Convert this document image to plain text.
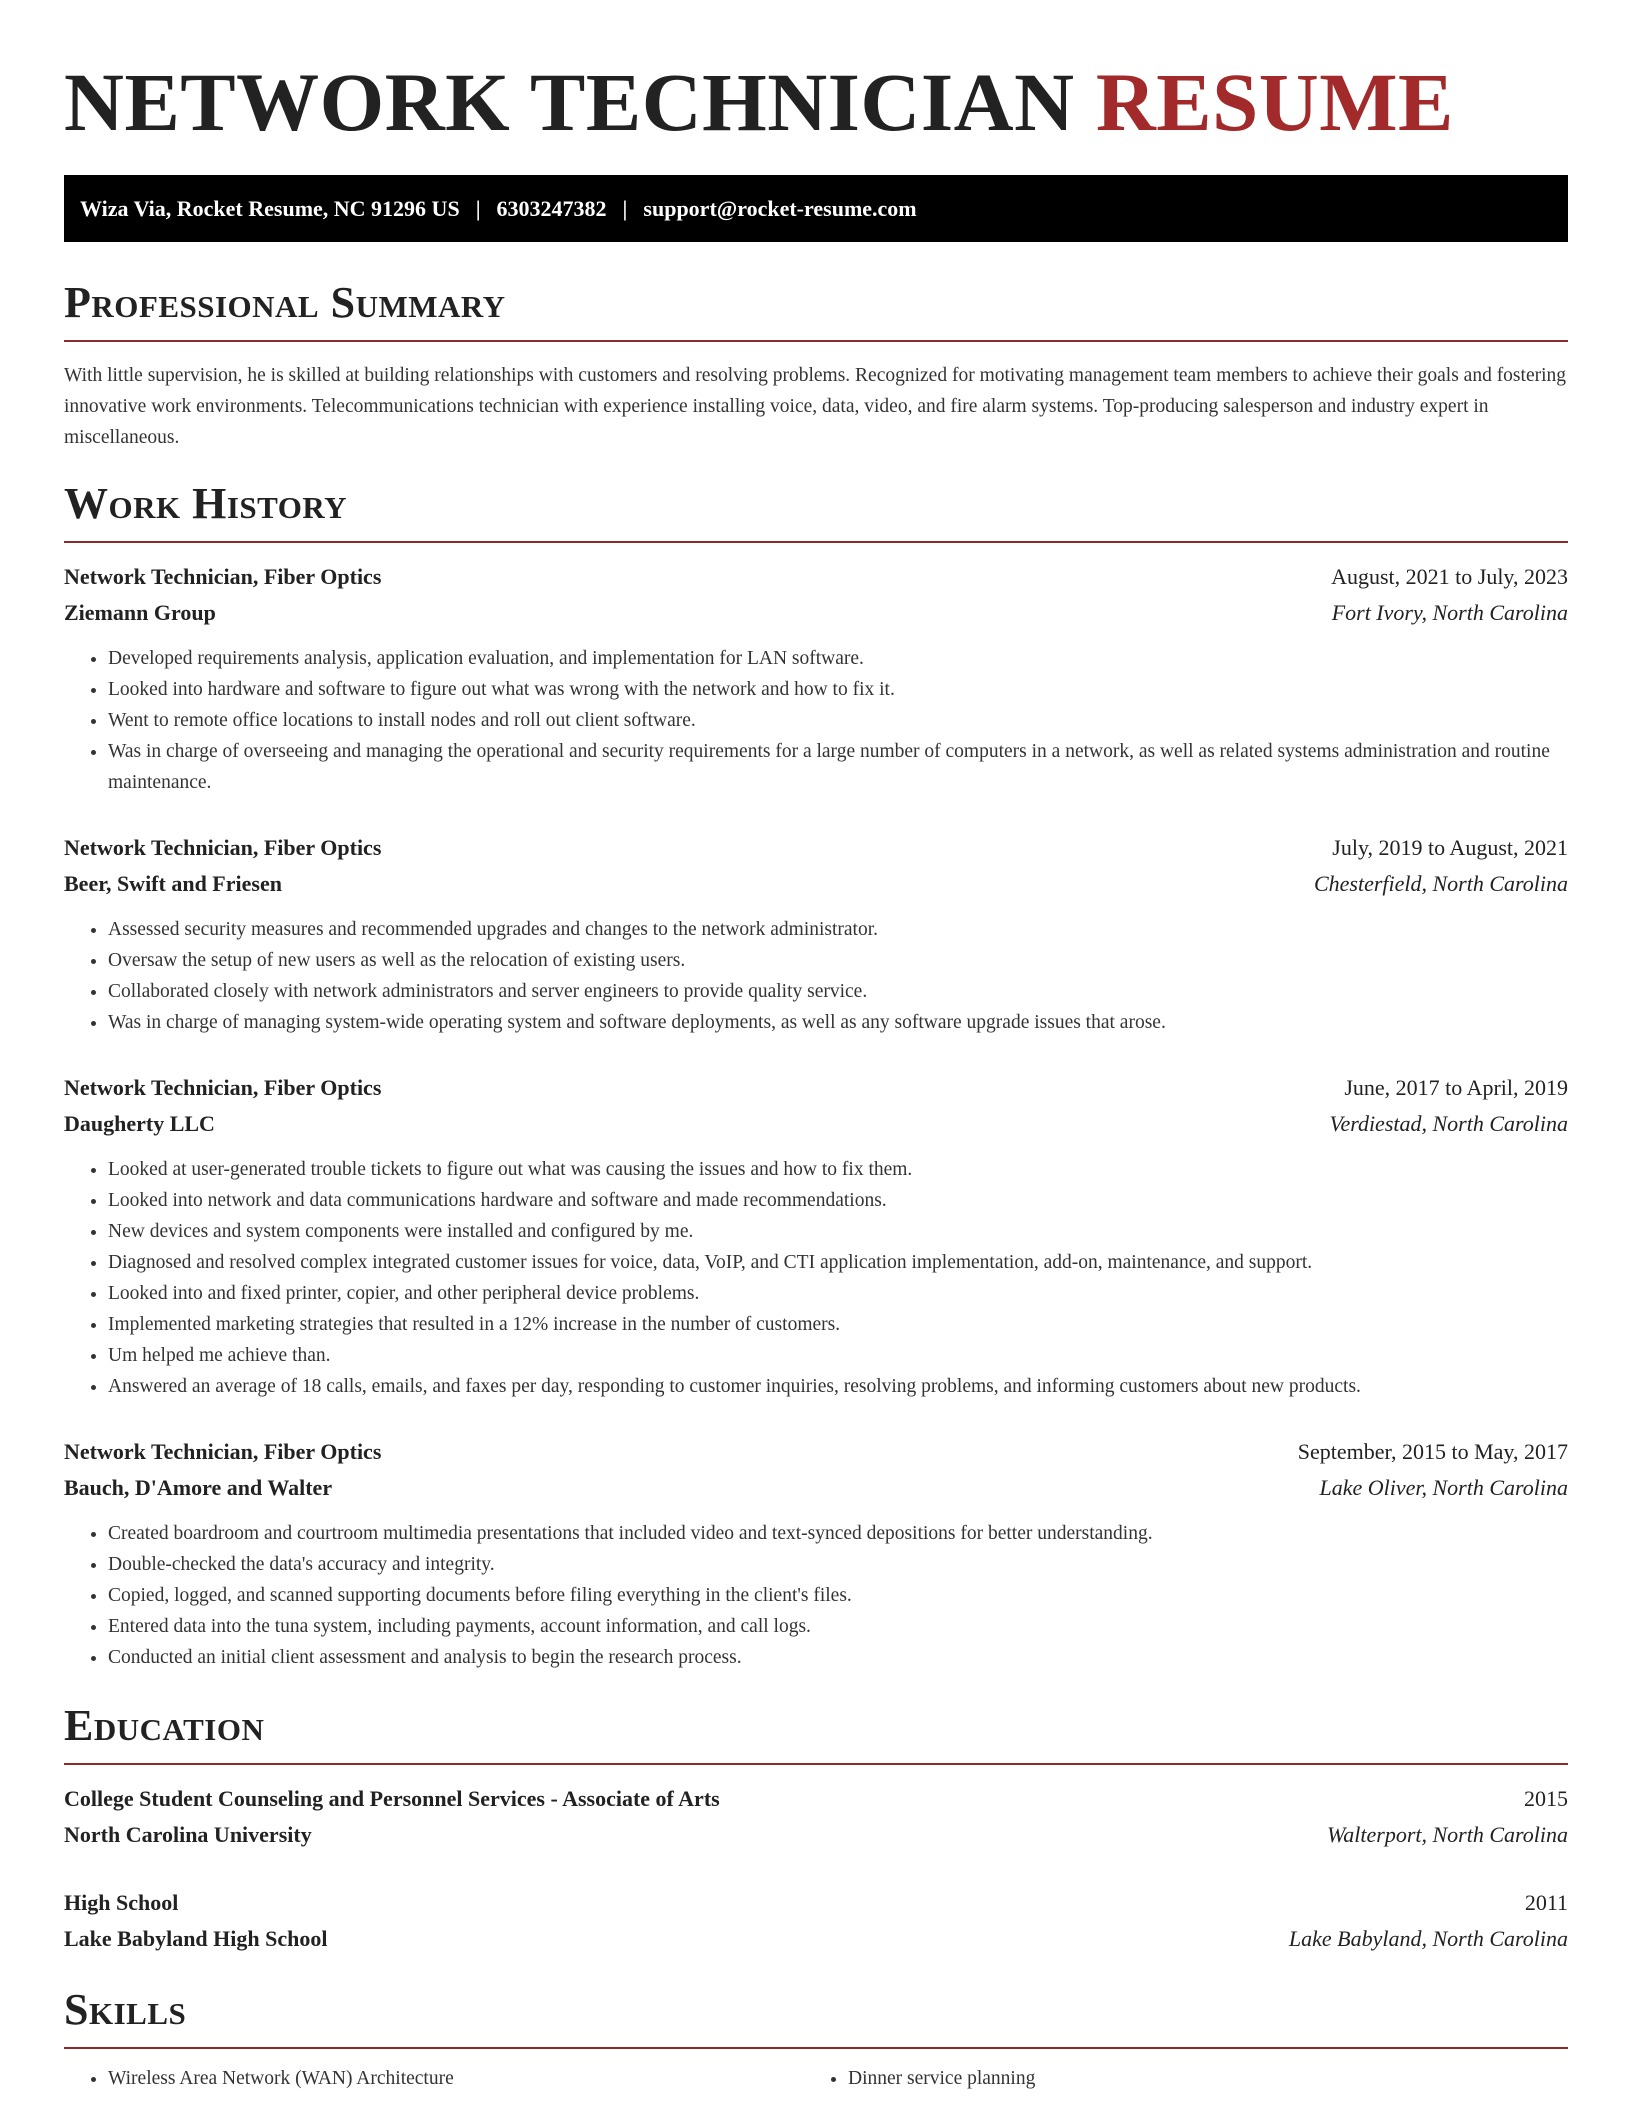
NETWORK TECHNICIAN RESUME
Wiza Via, Rocket Resume, NC 91296 US | 6303247382 | support@rocket-resume.com
Professional Summary

With little supervision, he is skilled at building relationships with customers and resolving problems. Recognized for motivating management team members to achieve their goals and fostering innovative work environments. Telecommunications technician with experience installing voice, data, video, and fire alarm systems. Top-producing salesperson and industry expert in miscellaneous.

Work History
Network Technician, Fiber Optics	August, 2021 to July, 2023
Ziemann Group	Fort Ivory, North Carolina
• Developed requirements analysis, application evaluation, and implementation for LAN software.
• Looked into hardware and software to figure out what was wrong with the network and how to fix it.
• Went to remote office locations to install nodes and roll out client software.
• Was in charge of overseeing and managing the operational and security requirements for a large number of computers in a network, as well as related systems administration and routine maintenance.
Network Technician, Fiber Optics	July, 2019 to August, 2021
Beer, Swift and Friesen	Chesterfield, North Carolina
• Assessed security measures and recommended upgrades and changes to the network administrator.
• Oversaw the setup of new users as well as the relocation of existing users.
• Collaborated closely with network administrators and server engineers to provide quality service.
• Was in charge of managing system-wide operating system and software deployments, as well as any software upgrade issues that arose.
Network Technician, Fiber Optics	June, 2017 to April, 2019
Daugherty LLC	Verdiestad, North Carolina
• Looked at user-generated trouble tickets to figure out what was causing the issues and how to fix them.
• Looked into network and data communications hardware and software and made recommendations.
• New devices and system components were installed and configured by me.
• Diagnosed and resolved complex integrated customer issues for voice, data, VoIP, and CTI application implementation, add-on, maintenance, and support.
• Looked into and fixed printer, copier, and other peripheral device problems.
• Implemented marketing strategies that resulted in a 12% increase in the number of customers.
• Um helped me achieve than.
• Answered an average of 18 calls, emails, and faxes per day, responding to customer inquiries, resolving problems, and informing customers about new products.
Network Technician, Fiber Optics	September, 2015 to May, 2017
Bauch, D'Amore and Walter	Lake Oliver, North Carolina
• Created boardroom and courtroom multimedia presentations that included video and text-synced depositions for better understanding.
• Double-checked the data's accuracy and integrity.
• Copied, logged, and scanned supporting documents before filing everything in the client's files.
• Entered data into the tuna system, including payments, account information, and call logs.
• Conducted an initial client assessment and analysis to begin the research process.
Education
College Student Counseling and Personnel Services - Associate of Arts	2015
North Carolina University	Walterport, North Carolina
High School	2011
Lake Babyland High School	Lake Babyland, North Carolina
Skills
• Wireless Area Network (WAN) Architecture
•	Dinner service planning
